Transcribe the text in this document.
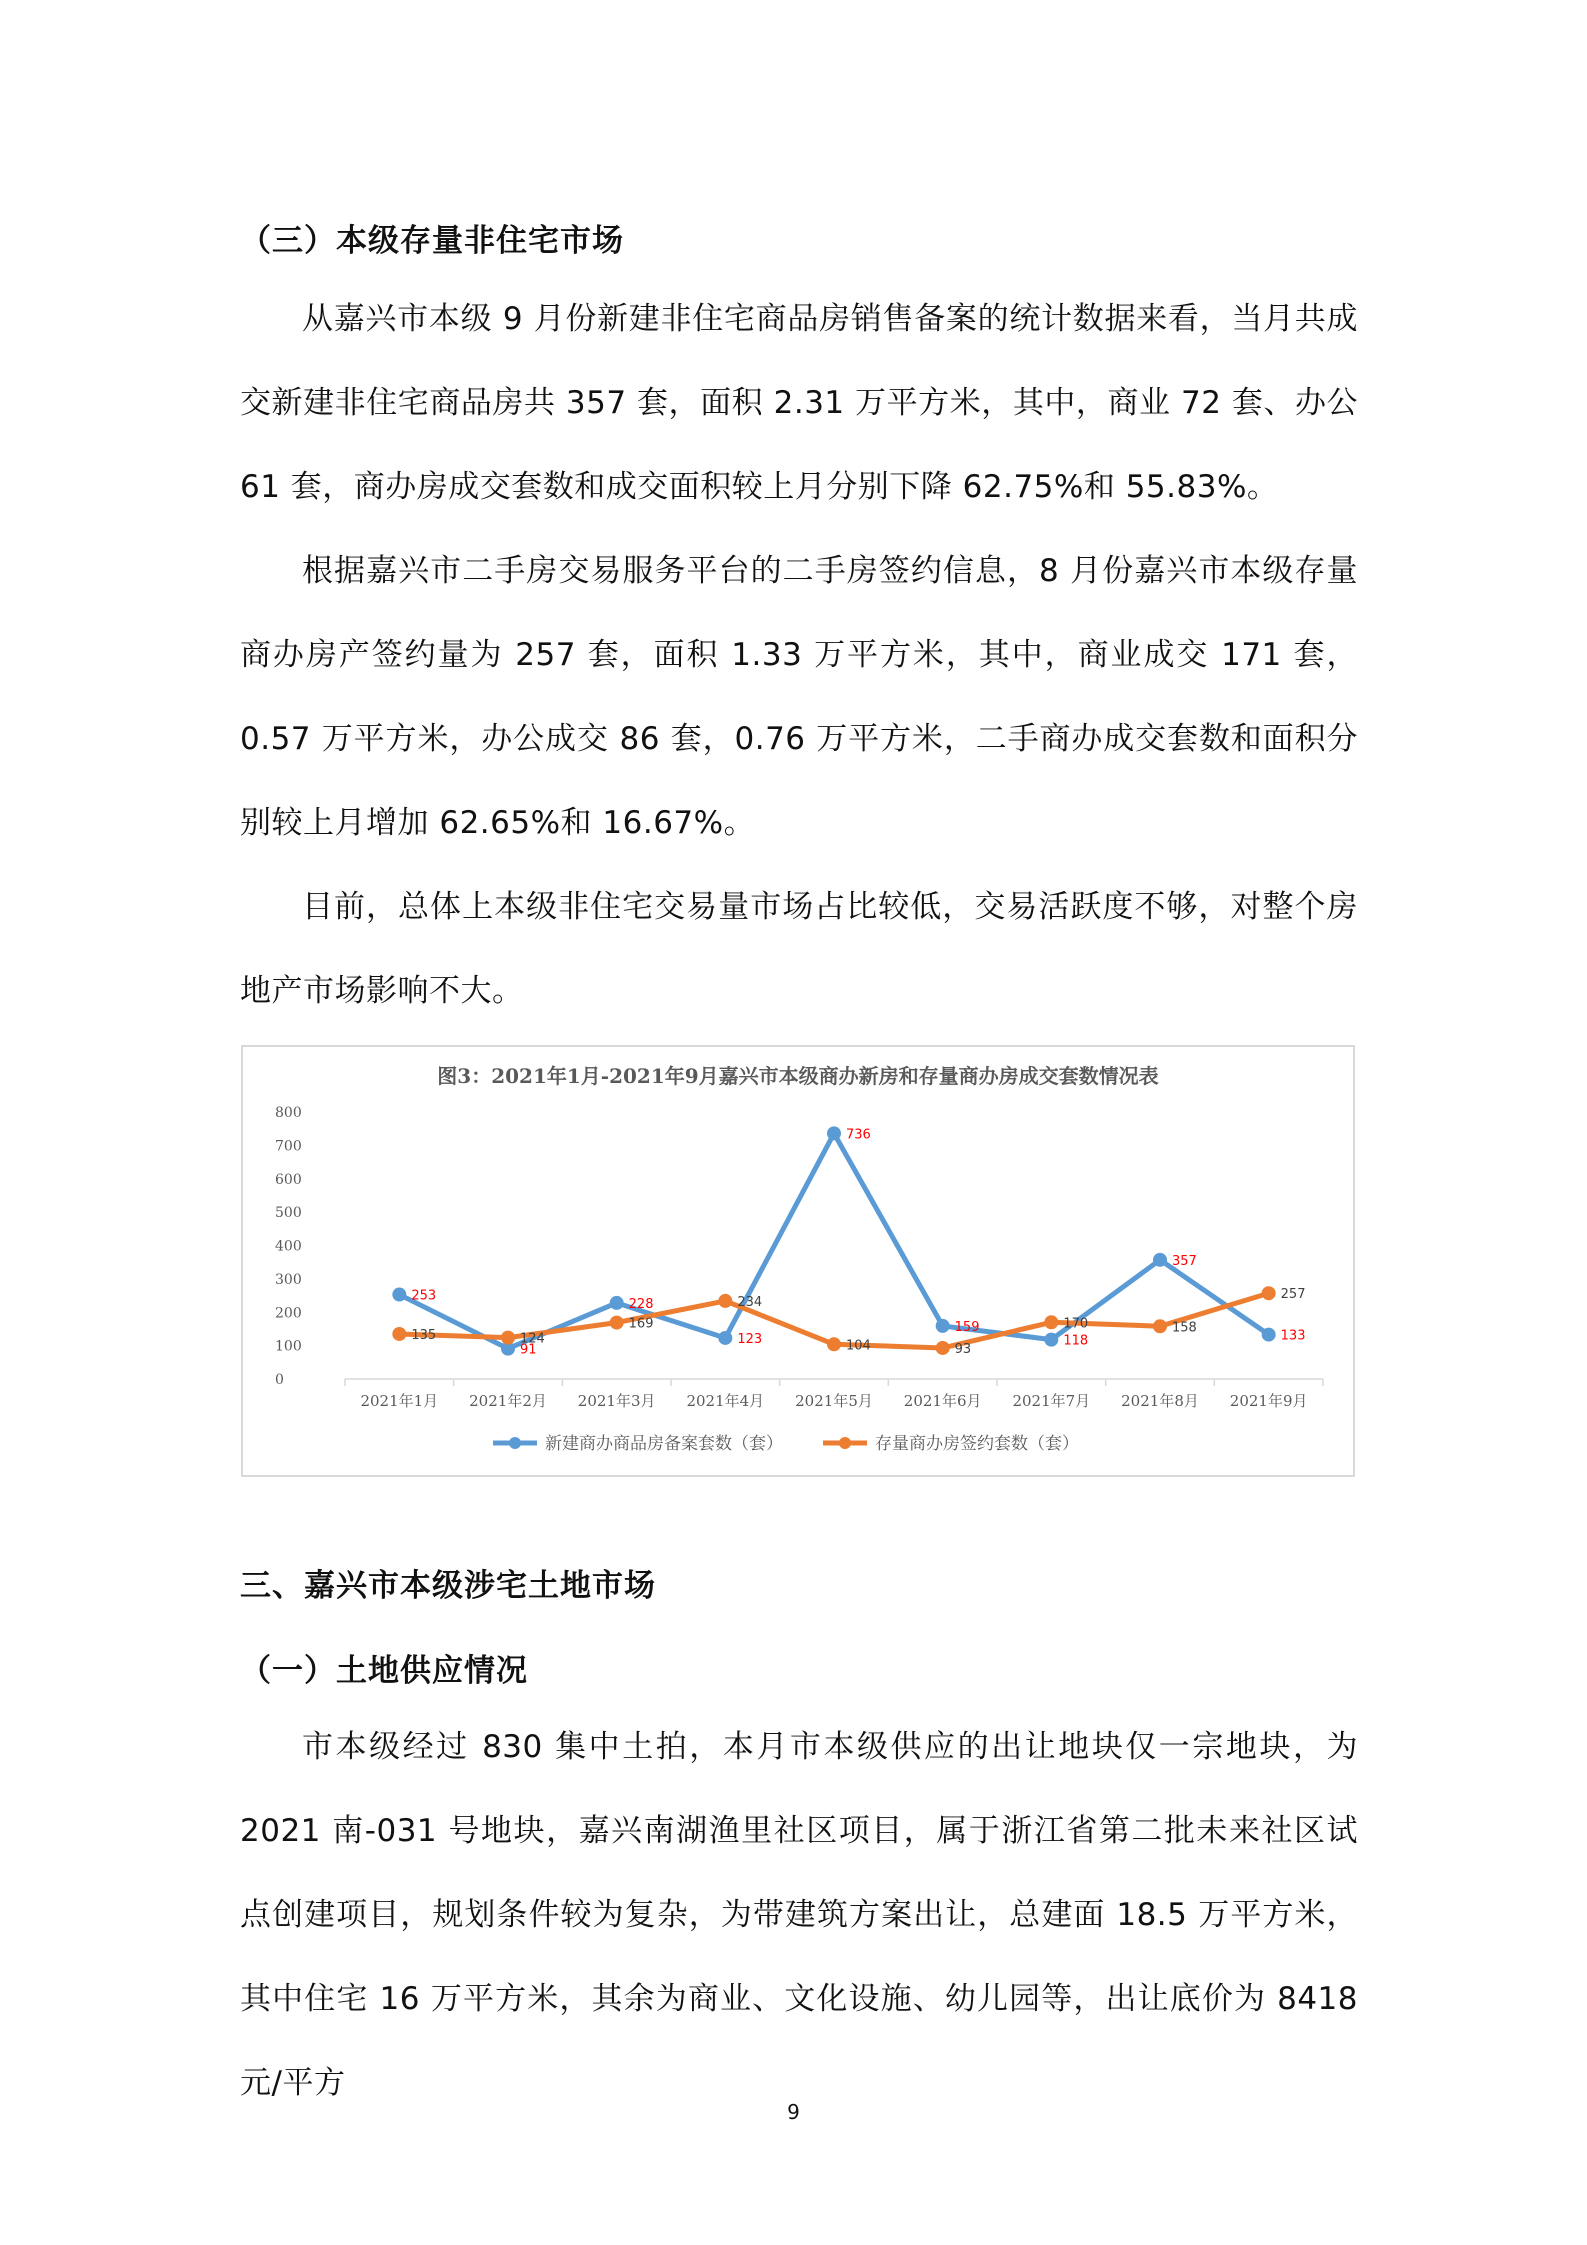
（三）本级存量非住宅市场

从嘉兴市本级 9 月份新建非住宅商品房销售备案的统计数据来看，当月共成交新建非住宅商品房共 357 套，面积 2.31 万平方米，其中，商业 72 套、办公 61 套，商办房成交套数和成交面积较上月分别下降 62.75%和 55.83%。

根据嘉兴市二手房交易服务平台的二手房签约信息，8 月份嘉兴市本级存量商办房产签约量为 257 套，面积 1.33 万平方米，其中，商业成交 171 套，0.57 万平方米，办公成交 86 套，0.76 万平方米，二手商办成交套数和面积分别较上月增加 62.65%和 16.67%。

目前，总体上本级非住宅交易量市场占比较低，交易活跃度不够，对整个房地产市场影响不大。

图3：2021年1月-2021年9月嘉兴市本级商办新房和存量商办房成交套数情况表
0
100
200
300
400
500
600
700
800
2021年1月 2021年2月 2021年3月 2021年4月 2021年5月 2021年6月 2021年7月 2021年8月 2021年9月
253
91
228
123
736
159
118
357
133
135	124
169
234
104	93
170	158
257
新建商办商品房备案套数（套）	存量商办房签约套数（套）
三、嘉兴市本级涉宅土地市场
（一）土地供应情况

市本级经过 830 集中土拍，本月市本级供应的出让地块仅一宗地块，为 2021 南-031 号地块，嘉兴南湖渔里社区项目，属于浙江省第二批未来社区试点创建项目，规划条件较为复杂，为带建筑方案出让，总建面 18.5 万平方米，其中住宅 16 万平方米，其余为商业、文化设施、幼儿园等，出让底价为 8418 元/平方

9
